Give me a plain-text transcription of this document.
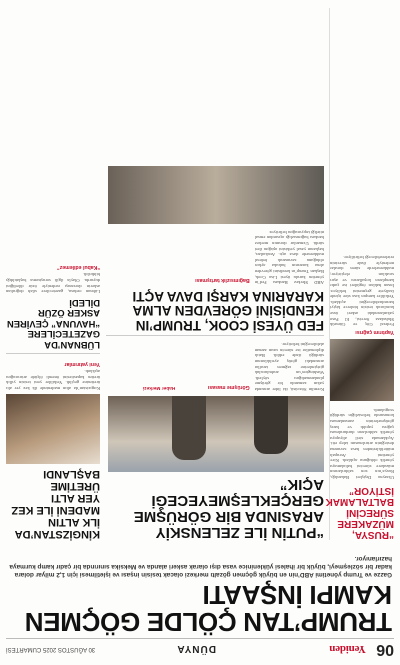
06
Yeniden
DÜNYA
30 AĞUSTOS 2025 CUMARTESİ
TRUMP’TAN ÇÖLDE GÖÇMEN KAMPI İNŞAATI

Gazze ve Trump yönetimi ABD’nin en büyük göçmen gözaltı merkezi olacak tesisin inşası ve işletilmesi için 1,2 milyar dolara kadar bir sözleşmeyi, büyük bir ihalesi yükleninice vasa dışı olarak askeri alanda ve Meksika sınırında bir çadır kamp kurmaya hazırlanıyor.

“RUSYA, MÜZAKERE SÜRECİNİ BALTALAMAK İSTİYOR”

Ukrayna Dışişleri Bakanlığı, Rusya’nın son saldırılarının müzakere sürecini baltalamaya yönelik olduğunu açıkladı. Kiev yönetimi Avrupalı müttefiklerinden hava savunma desteğinin artırılmasını talep etti. Açıklamada sivil altyapıya yönelik saldırıların durdurulması çağrısı yapıldı ve barış görüşmelerinin zamanlaması konusunda belirsizliğin sürdüğü vurgulandı.

Yaptırım çağrısı

Federal Göç ve Gümrük Muhafaza Servisi, El Paso yakınlarındaki askeri üsse kurulacak tesisin binlerce kişiyi barındırabileceğini açıkladı. Yetkililer kampın kısa süre içinde faaliyete geçmesini bekliyor. İnsan hakları örgütleri ise çadır kampların koşullarını ve aşırı sıcakları eleştiriyor; mahkemelerde süren davalar nedeniyle ihale sürecinin ertelenebileceği belirtiliyor.

“PUTİN İLE ZELENSKİY ARASINDA BİR GÖRÜŞME GERÇEKLEŞMEYECEĞİ AÇIK”

Kremlin Sözcüsü, iki lider arasında yakın zamanda bir görüşme planlanmadığını söyledi. Washington’un arabuluculuk girişimlerine rağmen taraflar arasındaki görüş ayrılıklarının sürdüğü ifade edildi. Batılı diplomatlar ise sürecin uzun zaman alabileceğini belirtiyor.

Görüşme masası
Haber Merkezi
FED ÜYESİ COOK, TRUMP’IN KENDİSİNİ GÖREVDEN ALMA KARARINA KARŞI DAVA AÇTI

ABD Merkez Bankası Fed’in yönetim kurulu üyesi Lisa Cook, Başkan Trump’ın kendisini görevden alma kararının hukuka aykırı olduğunu savunarak federal mahkemede dava açtı. Avukatları, başkanın yasal yetkisini aştığını ileri sürdü. Uzmanlar davanın merkez bankası bağımsızlığı açısından emsal niteliği taşıyacağını belirtiyor.

Bağımsızlık tartışması
KİNGİZSTAN’DA İLK ALTIN MADENİ İLE KEZ YER ALTI ÜRETİME BAŞLANDI

Kırgızistan’da altın madeninde ilk kez yer altı üretimine geçildi. Yetkililer yeni tesisin yıllık üretim kapasitesini önemli ölçüde artıracağını açıkladı.

Yeni yatırımlar
LÜBNAN’DA GAZETECİLERE “HAVUNA” ÇEVİREN ASKER ÖZÜR DİLEDİ

Lübnan ordusu, gazetecilere silah doğrultan askerin davranışı nedeniyle özür dilediğini duyurdu. Olayla ilgili soruşturma başlatıldığı bildirildi.

“Kabul edilemez”
